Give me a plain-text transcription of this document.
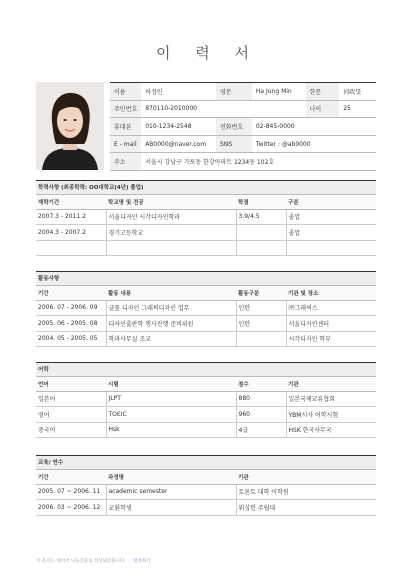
이 력 서
이름	하정민	영문	Ha Jung Min	한문	河政旻
주민번호	870110-2010000			나이	25
휴대폰	010-1234-2548	전화번호	02-845-0000		
E - mail	AB0000@naver.com	SNS	Twitter : @ab0000		
주소	서울시 강남구 가포동 한강아파트 1234동 102호				
학력사항 (최종학력: OO대학교(4년) 졸업)
재학기간	학교명 및 전공	학점	구분
2007.3 - 2011.2	서울디자인 시각디자인학과	3.9/4.5	졸업
2004.3 - 2007.2	경기고등학교		졸업

활동사항
기간	활동 내용	활동구분	기관 및 장소
2006. 07 - 2006. 09	글꼴 디자인 그래픽디자인 업무	인턴	㈜그래픽스
2005. 06 - 2005. 08	디자인출판학 행사진행 준비위원	인턴	서울디자인센터
2004. 05 - 2005. 05	학과사무실 조교		시각디자인 학부
어학
언어	시험	점수	기관
일본어	JLPT	880	일본국제교류협회
영어	TOEIC	960	YBM시사 어학시험
중국어	Hsk	4급	HSK 한국사무국
교육/ 연수
기간	과정명	기관
2005. 07 ~ 2006. 11	academic semester	토론토 대학 어학원
2006. 03 ~ 2006. 12	교환학생	워싱턴 주립대
이 문서는 네이버 나눔글꼴로 작성되었습니다. 설치하기
